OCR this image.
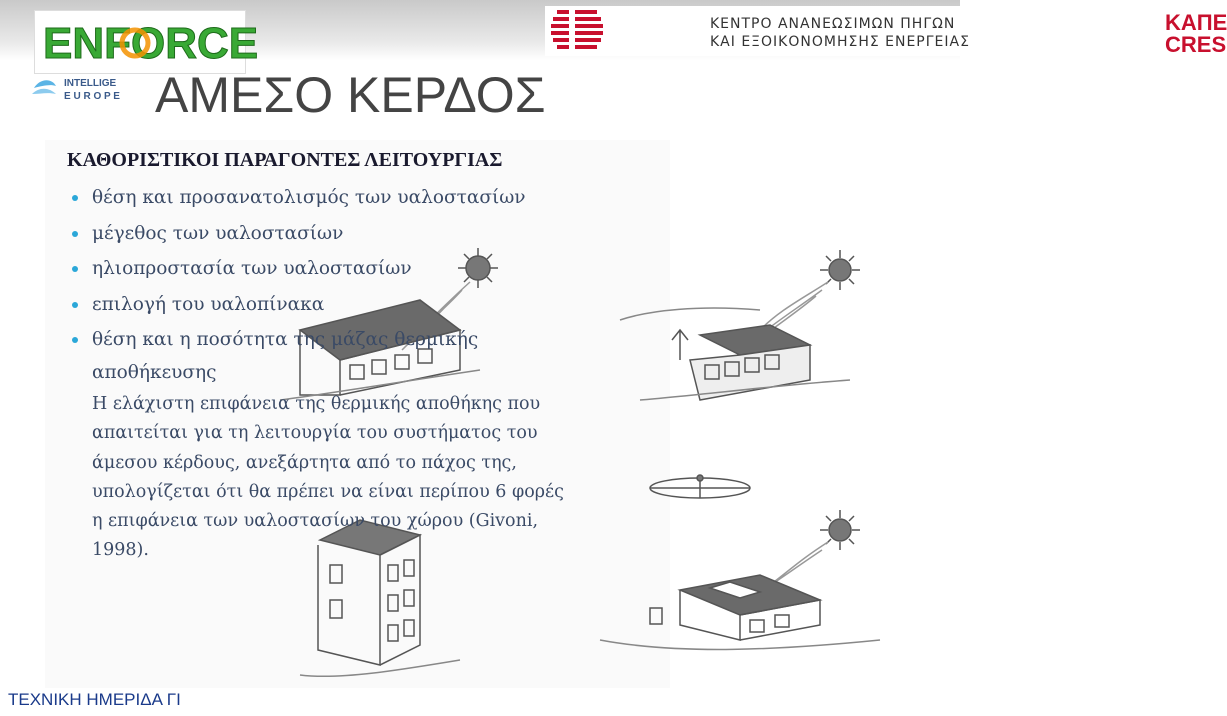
ENFORCE
INTELLIGE
E U R O P E
ΚΑΠΕ
CRES
ΚΕΝΤΡΟ ΑΝΑΝΕΩΣΙΜΩΝ ΠΗΓΩΝ
ΚΑΙ ΕΞΟΙΚΟΝΟΜΗΣΗΣ ΕΝΕΡΓΕΙΑΣ
ΑΜΕΣΟ ΚΕΡΔΟΣ
ΚΑΘΟΡΙΣΤΙΚΟΙ ΠΑΡΑΓΟΝΤΕΣ ΛΕΙΤΟΥΡΓΙΑΣ
θέση και προσανατολισμός των υαλοστασίων
μέγεθος των υαλοστασίων
ηλιοπροστασία των υαλοστασίων
επιλογή του υαλοπίνακα
θέση και η ποσότητα της μάζας θερμικής
αποθήκευσης
Η ελάχιστη επιφάνεια της θερμικής αποθήκης που
απαιτείται για τη λειτουργία του συστήματος του
άμεσου κέρδους, ανεξάρτητα από το πάχος της,
υπολογίζεται ότι θα πρέπει να είναι περίπου 6 φορές
η επιφάνεια των υαλοστασίων του χώρου (Givoni,
1998).
ΤΕΧΝΙΚΗ ΗΜΕΡΙΔΑ ΓΙ
